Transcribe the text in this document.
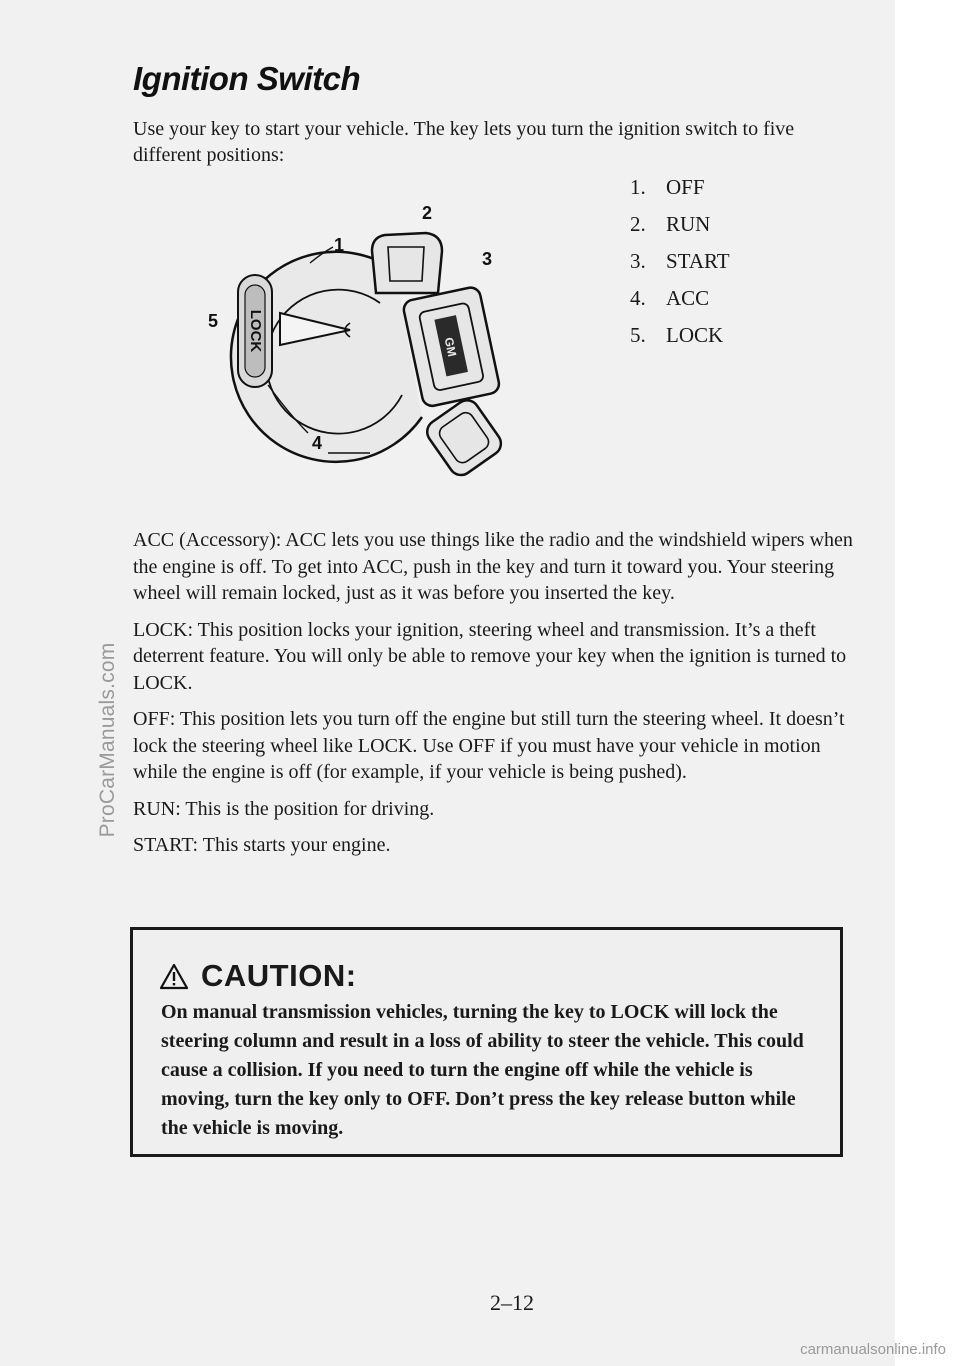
Ignition Switch

Use your key to start your vehicle. The key lets you turn the ignition switch to five different positions:

GM
LOCK
1
2
3
4
5
1. OFF
2. RUN
3. START
4. ACC
5. LOCK

ACC (Accessory): ACC lets you use things like the radio and the windshield wipers when the engine is off. To get into ACC, push in the key and turn it toward you. Your steering wheel will remain locked, just as it was before you inserted the key.

LOCK: This position locks your ignition, steering wheel and transmission. It’s a theft deterrent feature. You will only be able to remove your key when the ignition is turned to LOCK.

OFF: This position lets you turn off the engine but still turn the steering wheel. It doesn’t lock the steering wheel like LOCK. Use OFF if you must have your vehicle in motion while the engine is off (for example, if your vehicle is being pushed).

RUN: This is the position for driving.

START: This starts your engine.

CAUTION:

On manual transmission vehicles, turning the key to LOCK will lock the steering column and result in a loss of ability to steer the vehicle. This could cause a collision. If you need to turn the engine off while the vehicle is moving, turn the key only to OFF. Don’t press the key release button while the vehicle is moving.

2–12
ProCarManuals.com
carmanualsonline.info
